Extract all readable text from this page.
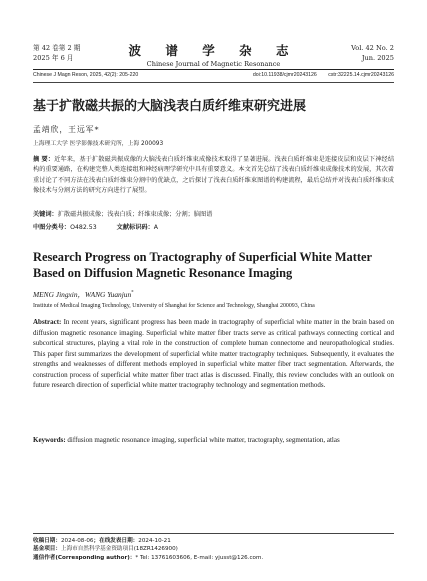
第 42 卷第 2 期
2025 年 6 月	波 谱 学 杂 志
Chinese Journal of Magnetic Resonance
Vol. 42 No. 2
Jun. 2025
Chinese J Magn Reson, 2025, 42(2): 205-220	doi:10.11938/cjmr20243126 cstr:32225.14.cjmr20243126
基于扩散磁共振的大脑浅表白质纤维束研究进展
孟靖欣，王远军*
上海理工大学 医学影像技术研究所，上海 200093
摘 要：近年来，基于扩散磁共振成像的大脑浅表白质纤维束成像技术取得了显著进展。浅表白质纤维束是连接皮层和皮层下神经结构的重要通路，在构建完整人类连接组和神经病理学研究中具有重要意义。本文首先总结了浅表白质纤维束成像技术的发展，其次着重讨论了不同方法在浅表白质纤维束分割中的优缺点，之后探讨了浅表白质纤维束图谱的构建流程，最后总结并对浅表白质纤维束成像技术与分割方法的研究方向进行了展望。
关键词：扩散磁共振成像；浅表白质；纤维束成像；分割；脑图谱
中图分类号：O482.53	文献标识码：A
Research Progress on Tractography of Superficial White Matter Based on Diffusion Magnetic Resonance Imaging
MENG Jingxin，WANG Yuanjun*
Institute of Medical Imaging Technology, University of Shanghai for Science and Technology, Shanghai 200093, China
Abstract: In recent years, significant progress has been made in tractography of superficial white matter in the brain based on diffusion magnetic resonance imaging. Superficial white matter fiber tracts serve as critical pathways connecting cortical and subcortical structures, playing a vital role in the construction of complete human connectome and neuropathological studies. This paper first summarizes the development of superficial white matter tractography techniques. Subsequently, it evaluates the strengths and weaknesses of different methods employed in superficial white matter fiber tract segmentation. Afterwards, the construction process of superficial white matter fiber tract atlas is discussed. Finally, this review concludes with an outlook on future research direction of superficial white matter tractography technology and segmentation methods.
Keywords: diffusion magnetic resonance imaging, superficial white matter, tractography, segmentation, atlas
收稿日期：2024-08-06；在线发表日期：2024-10-21
基金项目：上海市自然科学基金资助项目(18ZR1426900)
通信作者(Corresponding author)：* Tel: 13761603606, E-mail: yjusst@126.com.
